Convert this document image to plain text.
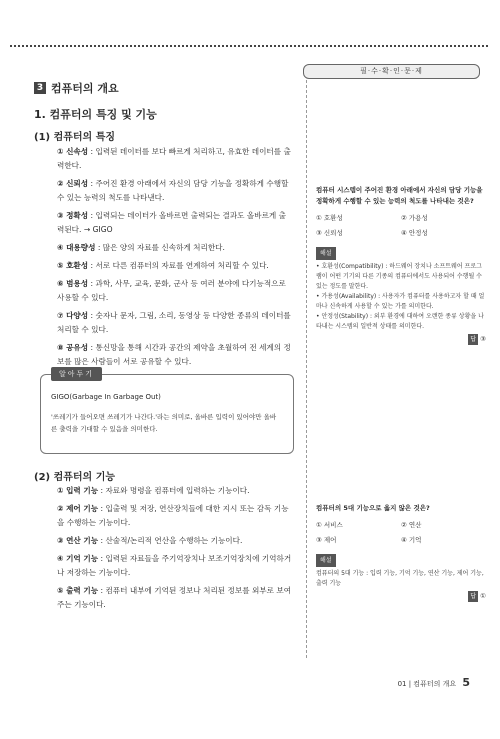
필·수·확·인·문·제
3 컴퓨터의 개요
1. 컴퓨터의 특징 및 기능
(1) 컴퓨터의 특징
① 신속성 : 입력된 데이터를 보다 빠르게 처리하고, 유효한 데이터를 출력한다.
② 신뢰성 : 주어진 환경 아래에서 자신의 담당 기능을 정확하게 수행할 수 있는 능력의 척도를 나타낸다.
③ 정확성 : 입력되는 데이터가 올바르면 출력되는 결과도 올바르게 출력된다. → GIGO
④ 대용량성 : 많은 양의 자료를 신속하게 처리한다.
⑤ 호환성 : 서로 다른 컴퓨터의 자료를 연계하여 처리할 수 있다.
⑥ 범용성 : 과학, 사무, 교육, 문화, 군사 등 여러 분야에 다기능적으로 사용할 수 있다.
⑦ 다양성 : 숫자나 문자, 그림, 소리, 동영상 등 다양한 종류의 데이터를 처리할 수 있다.
⑧ 공유성 : 통신망을 통해 시간과 공간의 제약을 초월하여 전 세계의 정보를 많은 사람들이 서로 공유할 수 있다.
알아두기
GIGO(Garbage In Garbage Out)
'쓰레기가 들어오면 쓰레기가 나간다.'라는 의미로, 올바른 입력이 있어야만 올바른 출력을 기대할 수 있음을 의미한다.
(2) 컴퓨터의 기능
① 입력 기능 : 자료와 명령을 컴퓨터에 입력하는 기능이다.
② 제어 기능 : 입출력 및 저장, 연산장치들에 대한 지시 또는 감독 기능을 수행하는 기능이다.
③ 연산 기능 : 산술적/논리적 연산을 수행하는 기능이다.
④ 기억 기능 : 입력된 자료들을 주기억장치나 보조기억장치에 기억하거나 저장하는 기능이다.
⑤ 출력 기능 : 컴퓨터 내부에 기억된 정보나 처리된 정보를 외부로 보여주는 기능이다.
컴퓨터 시스템이 주어진 환경 아래에서 자신의 담당 기능을 정확하게 수행할 수 있는 능력의 척도를 나타내는 것은?
① 호환성	② 가용성
③ 신뢰성	④ 안정성
해설
• 호환성(Compatibility) : 하드웨어 장치나 소프트웨어 프로그램이 어떤 기기의 다른 기종의 컴퓨터에서도 사용되어 수행될 수 있는 정도를 말한다.
• 가용성(Availability) : 사용자가 컴퓨터를 사용하고자 할 때 얼마나 신속하게 사용할 수 있는 가를 의미한다.
• 안정성(Stability) : 외부 환경에 대하여 오랜한 종류 상황을 나타내는 시스템의 일반적 상태를 의미한다.
답 ③
컴퓨터의 5대 기능으로 옳지 않은 것은?
① 서비스	② 연산
③ 제어	④ 기억
해설
컴퓨터의 5대 기능 : 입력 기능, 기억 기능, 연산 기능, 제어 기능, 출력 기능
답 ①
01 | 컴퓨터의 개요 5
